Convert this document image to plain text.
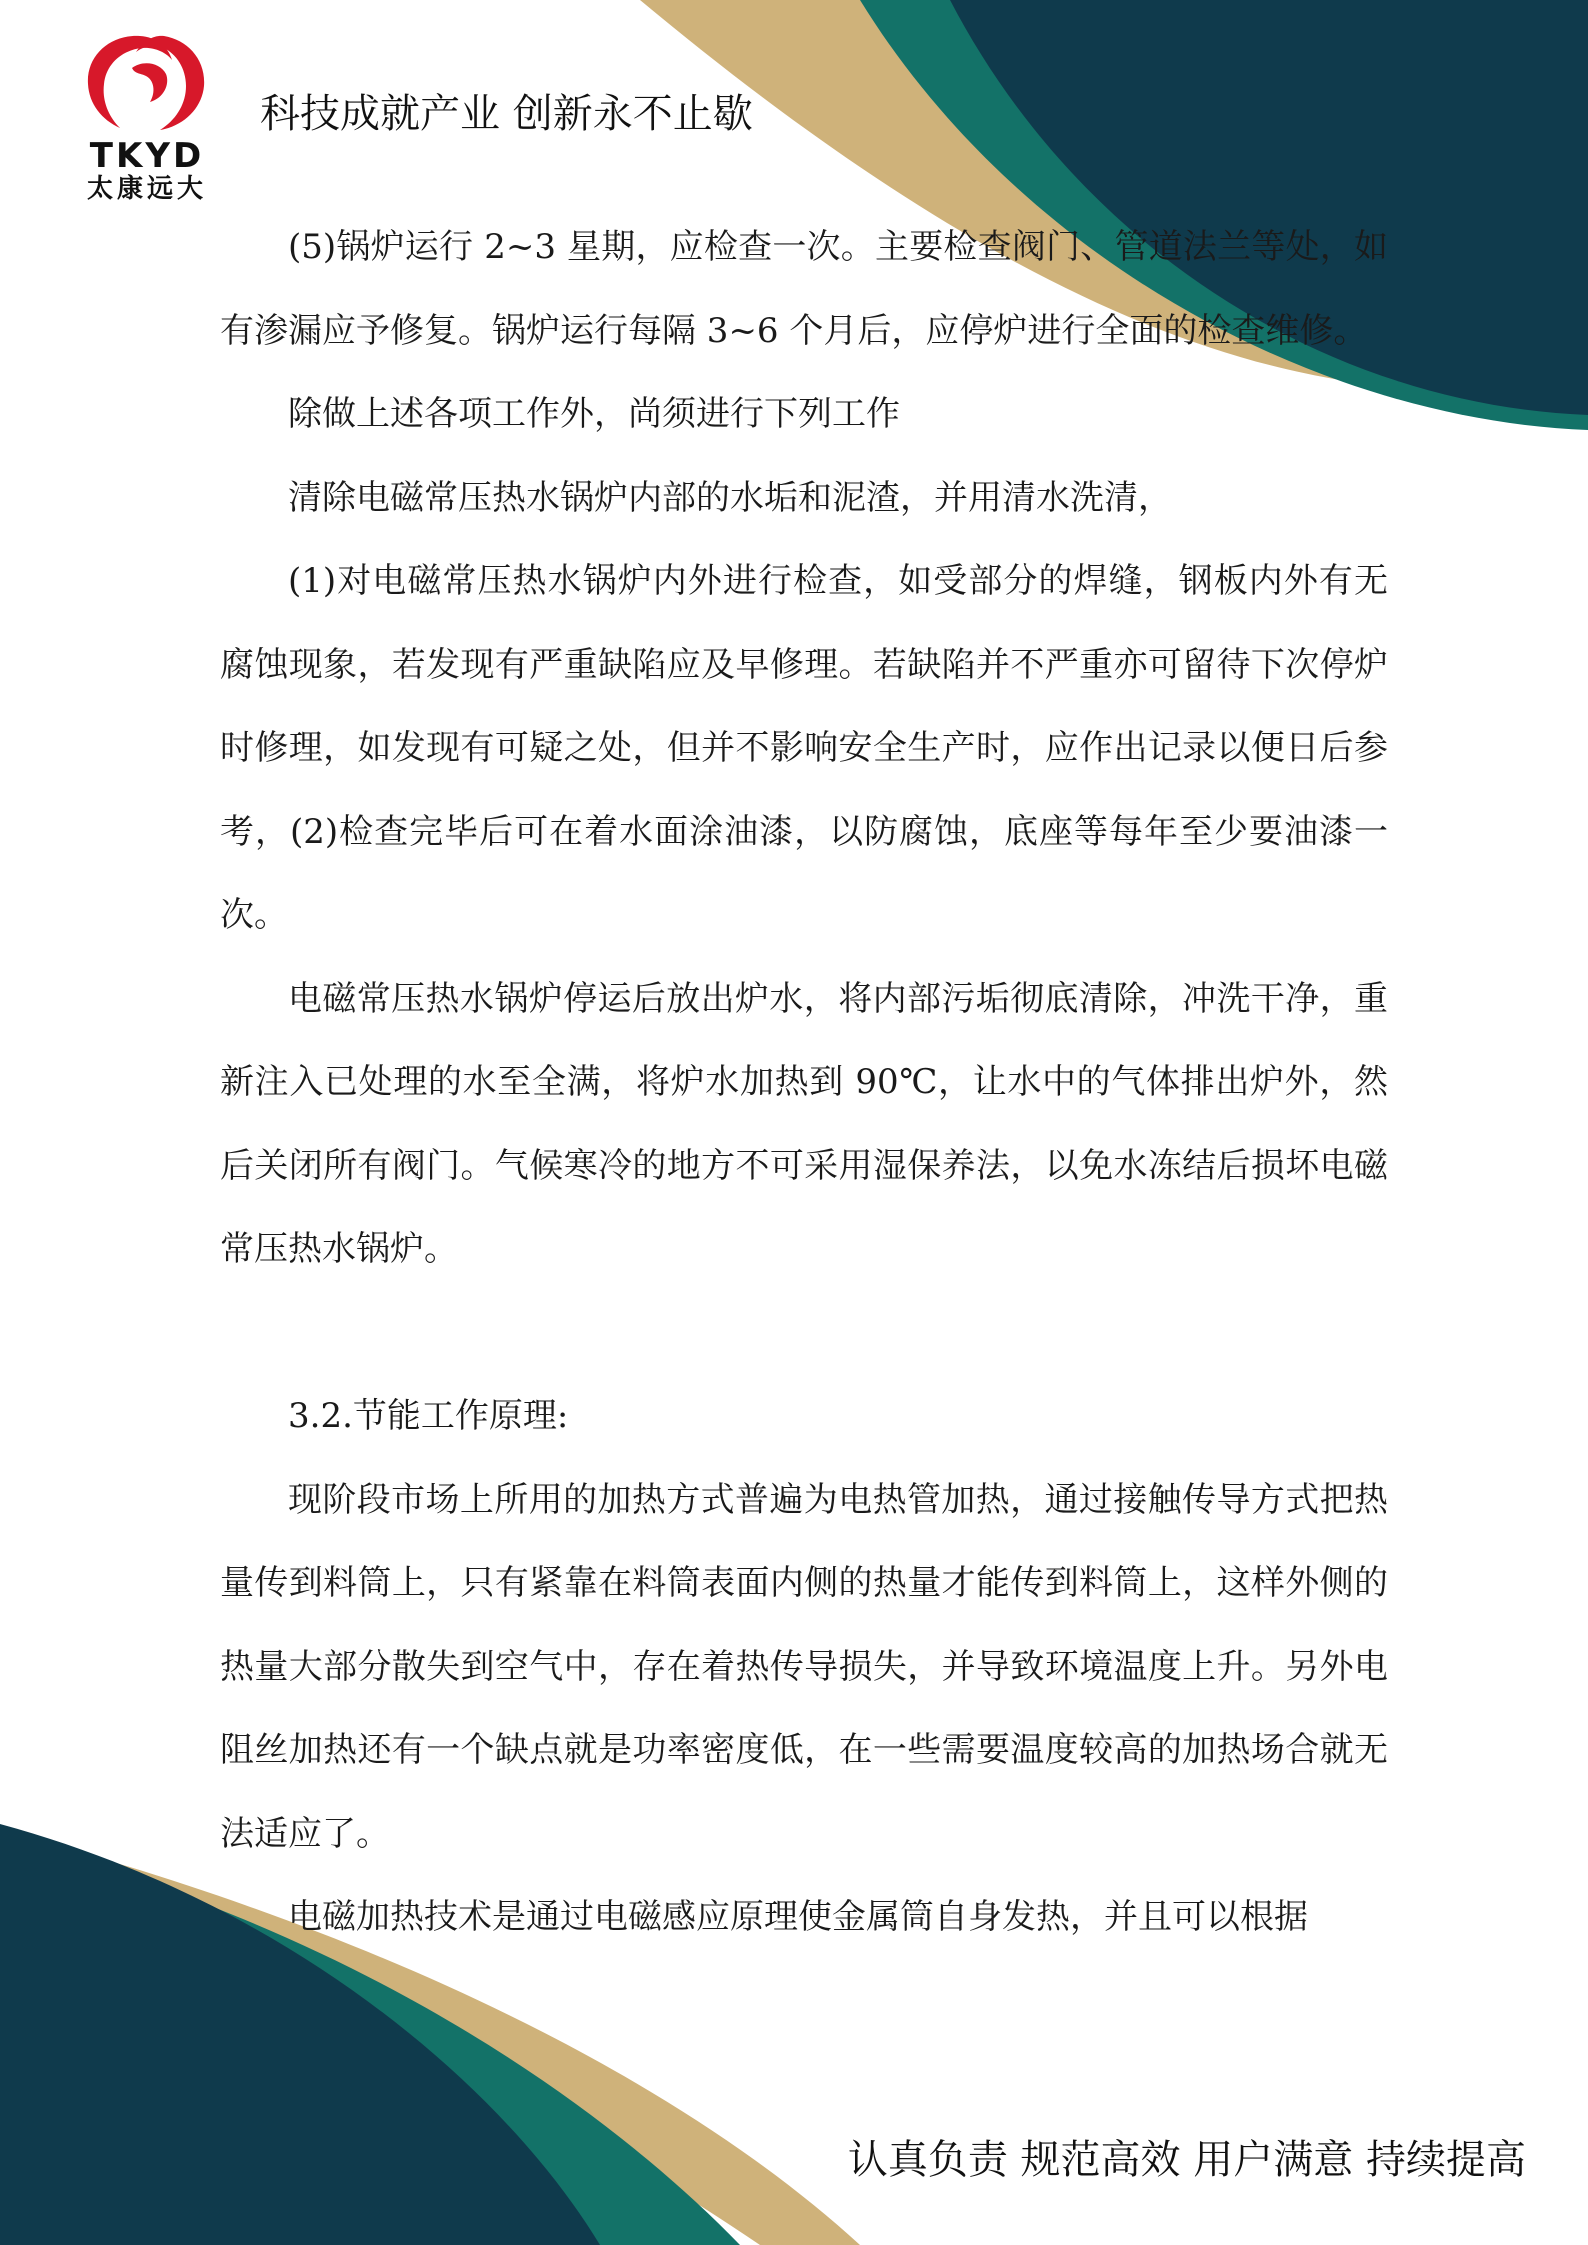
TKYD
太康远大
科技成就产业 创新永不止歇

(5)锅炉运行 2~3 星期，应检查一次。主要检查阀门、管道法兰等处，如有渗漏应予修复。锅炉运行每隔 3~6 个月后，应停炉进行全面的检查维修。

除做上述各项工作外，尚须进行下列工作

清除电磁常压热水锅炉内部的水垢和泥渣，并用清水洗清，

(1)对电磁常压热水锅炉内外进行检查，如受部分的焊缝，钢板内外有无腐蚀现象，若发现有严重缺陷应及早修理。若缺陷并不严重亦可留待下次停炉时修理，如发现有可疑之处，但并不影响安全生产时，应作出记录以便日后参考，(2)检查完毕后可在着水面涂油漆，以防腐蚀，底座等每年至少要油漆一次。

电磁常压热水锅炉停运后放出炉水，将内部污垢彻底清除，冲洗干净，重新注入已处理的水至全满，将炉水加热到 90℃，让水中的气体排出炉外，然后关闭所有阀门。气候寒冷的地方不可采用湿保养法，以免水冻结后损坏电磁常压热水锅炉。

3.2.节能工作原理:

现阶段市场上所用的加热方式普遍为电热管加热，通过接触传导方式把热量传到料筒上，只有紧靠在料筒表面内侧的热量才能传到料筒上，这样外侧的热量大部分散失到空气中，存在着热传导损失，并导致环境温度上升。另外电阻丝加热还有一个缺点就是功率密度低，在一些需要温度较高的加热场合就无法适应了。

电磁加热技术是通过电磁感应原理使金属筒自身发热，并且可以根据

认真负责 规范高效 用户满意 持续提高
